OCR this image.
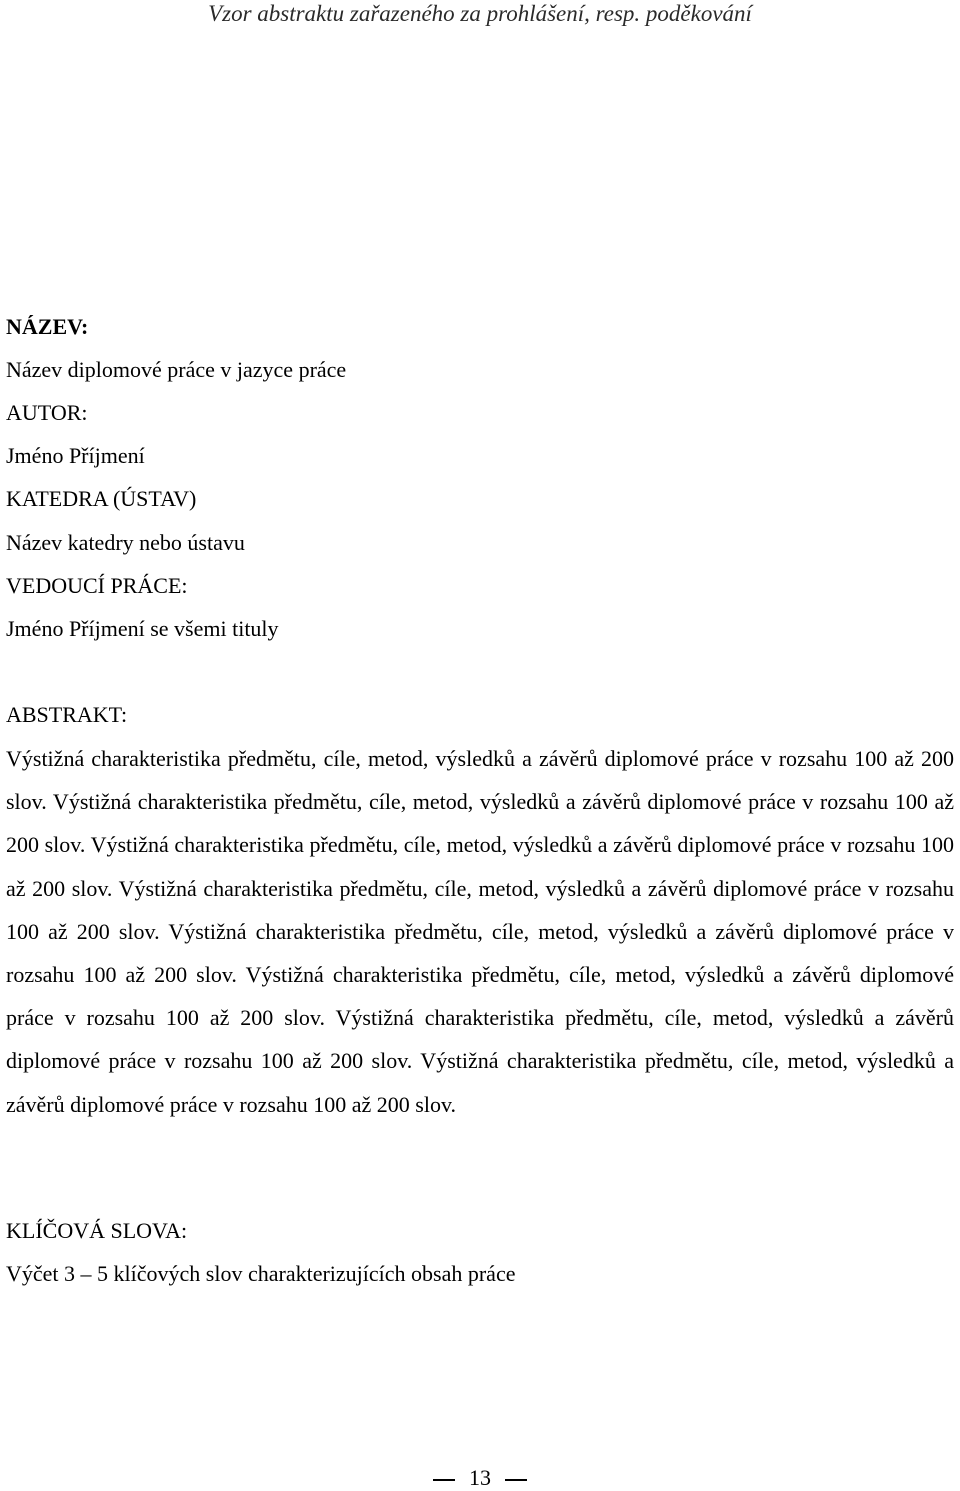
Vzor abstraktu zařazeného za prohlášení, resp. poděkování
NÁZEV:
Název diplomové práce v jazyce práce
AUTOR:
Jméno Příjmení
KATEDRA (ÚSTAV)
Název katedry nebo ústavu
VEDOUCÍ PRÁCE:
Jméno Příjmení se všemi tituly
ABSTRAKT:
Výstižná charakteristika předmětu, cíle, metod, výsledků a závěrů diplomové práce v rozsahu 100 až 200 slov. Výstižná charakteristika předmětu, cíle, metod, výsledků a závěrů diplomové práce v rozsahu 100 až 200 slov. Výstižná charakteristika předmětu, cíle, metod, výsledků a závěrů diplomové práce v rozsahu 100 až 200 slov. Výstižná charakteristika předmětu, cíle, metod, výsledků a závěrů diplomové práce v rozsahu 100 až 200 slov. Výstižná charakteristika předmětu, cíle, metod, výsledků a závěrů diplomové práce v rozsahu 100 až 200 slov. Výstižná charakteristika předmětu, cíle, metod, výsledků a závěrů diplomové práce v rozsahu 100 až 200 slov. Výstižná charakteristika předmětu, cíle, metod, výsledků a závěrů diplomové práce v rozsahu 100 až 200 slov. Výstižná charakteristika předmětu, cíle, metod, výsledků a závěrů diplomové práce v rozsahu 100 až 200 slov.
KLÍČOVÁ SLOVA:
Výčet 3 – 5 klíčových slov charakterizujících obsah práce
13
